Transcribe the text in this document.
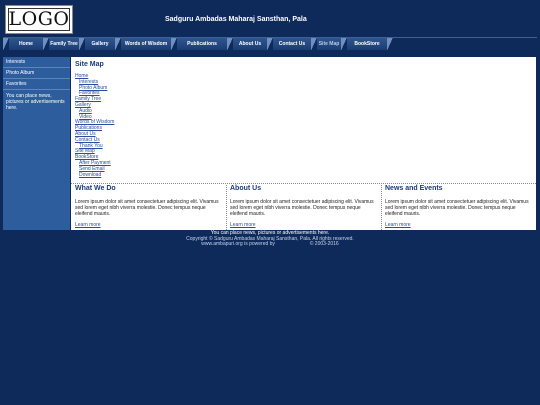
LOGO	Sadguru Ambadas Maharaj Sansthan, Pala
Home	Family Tree	Gallery	Words of Wisdom	Publications	About Us	Contact Us	Site Map	BookStore
Interests
Photo Album
Favorites
You can place news, pictures or advertisements here.
Site Map
Home
Interests
Photo Album
Favorites
Family Tree
Gallery
Audio
Video
Words of Wisdom
Publications
About Us
Contact Us
Thank You
Site Map
BookStore
After Payment
Send Email
Download
What We Do

Lorem ipsum dolor sit amet consectetuer adipiscing elit. Vivamus sed lorem eget nibh viverra molestie. Donec tempus neque eleifend mauris.

Learn more
About Us

Lorem ipsum dolor sit amet consectetuer adipiscing elit. Vivamus sed lorem eget nibh viverra molestie. Donec tempus neque eleifend mauris.

Learn more
News and Events

Lorem ipsum dolor sit amet consectetuer adipiscing elit. Vivamus sed lorem eget nibh viverra molestie. Donec tempus neque eleifend mauris.

Learn more
You can place news, pictures or advertisements here.
Copyright © Sadguru Ambadas Maharaj Sansthan, Pala. All rights reserved.
www.ambapuri.org is powered by	© 2003-2016
